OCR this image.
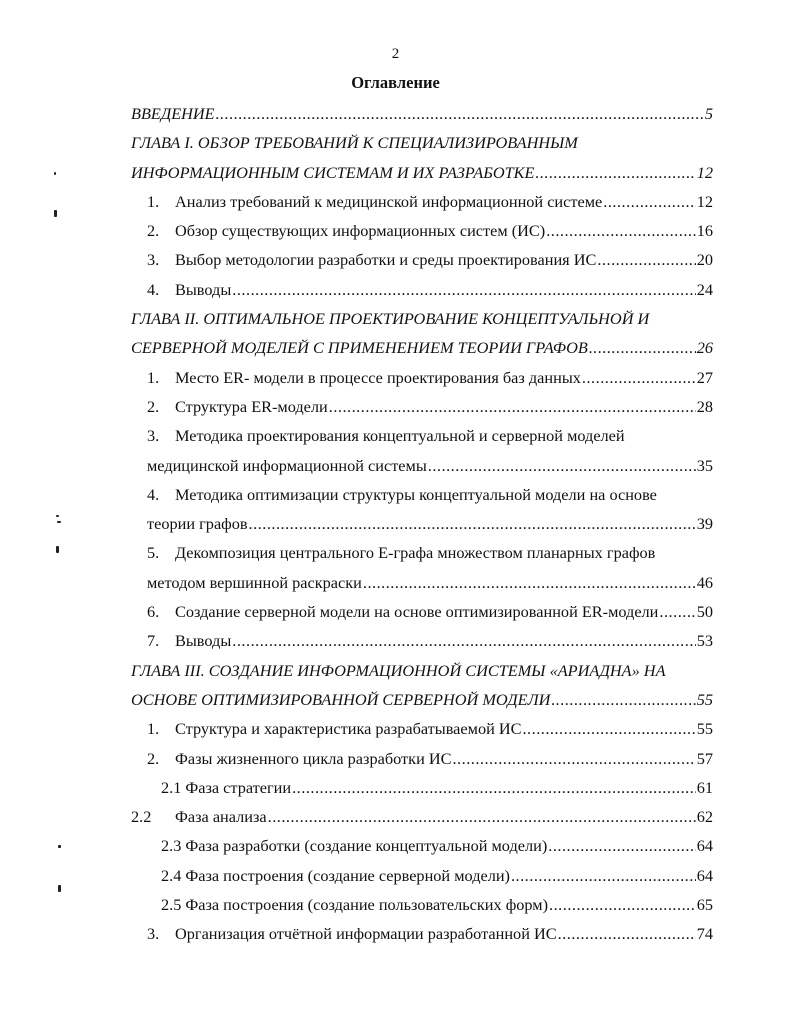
2
Оглавление
ВВЕДЕНИЕ .....	5
ГЛАВА I. ОБЗОР ТРЕБОВАНИЙ К СПЕЦИАЛИЗИРОВАННЫМ
ИНФОРМАЦИОННЫМ СИСТЕМАМ И ИХ РАЗРАБОТКЕ .....	12
1. Анализ требований к медицинской информационной системе .....	12
2. Обзор существующих информационных систем (ИС) .....	16
3. Выбор методологии разработки и среды проектирования ИС .....	20
4. Выводы .....	24
ГЛАВА II. ОПТИМАЛЬНОЕ ПРОЕКТИРОВАНИЕ КОНЦЕПТУАЛЬНОЙ И
СЕРВЕРНОЙ МОДЕЛЕЙ С ПРИМЕНЕНИЕМ ТЕОРИИ ГРАФОВ .....	26
1. Место ER- модели в процессе проектирования баз данных .....	27
2. Структура ER-модели .....	28
3. Методика проектирования концептуальной и серверной моделей
медицинской информационной системы .....	35
4. Методика оптимизации структуры концептуальной модели на основе
теории графов .....	39
5. Декомпозиция центрального Е-графа множеством планарных графов
методом вершинной раскраски .....	46
6. Создание серверной модели на основе оптимизированной ER-модели ..... 50
7. Выводы .....	53
ГЛАВА III. СОЗДАНИЕ ИНФОРМАЦИОННОЙ СИСТЕМЫ «АРИАДНА» НА
ОСНОВЕ ОПТИМИЗИРОВАННОЙ СЕРВЕРНОЙ МОДЕЛИ .....	55
1. Структура и характеристика разрабатываемой ИС .....	55
2. Фазы жизненного цикла разработки ИС .....	57
2.1 Фаза стратегии .....	61
2.2	Фаза анализа .....	62
2.3 Фаза разработки (создание концептуальной модели) .....	64
2.4 Фаза построения (создание серверной модели) .....	64
2.5 Фаза построения (создание пользовательских форм) .....	65
3. Организация отчётной информации разработанной ИС .....	74
